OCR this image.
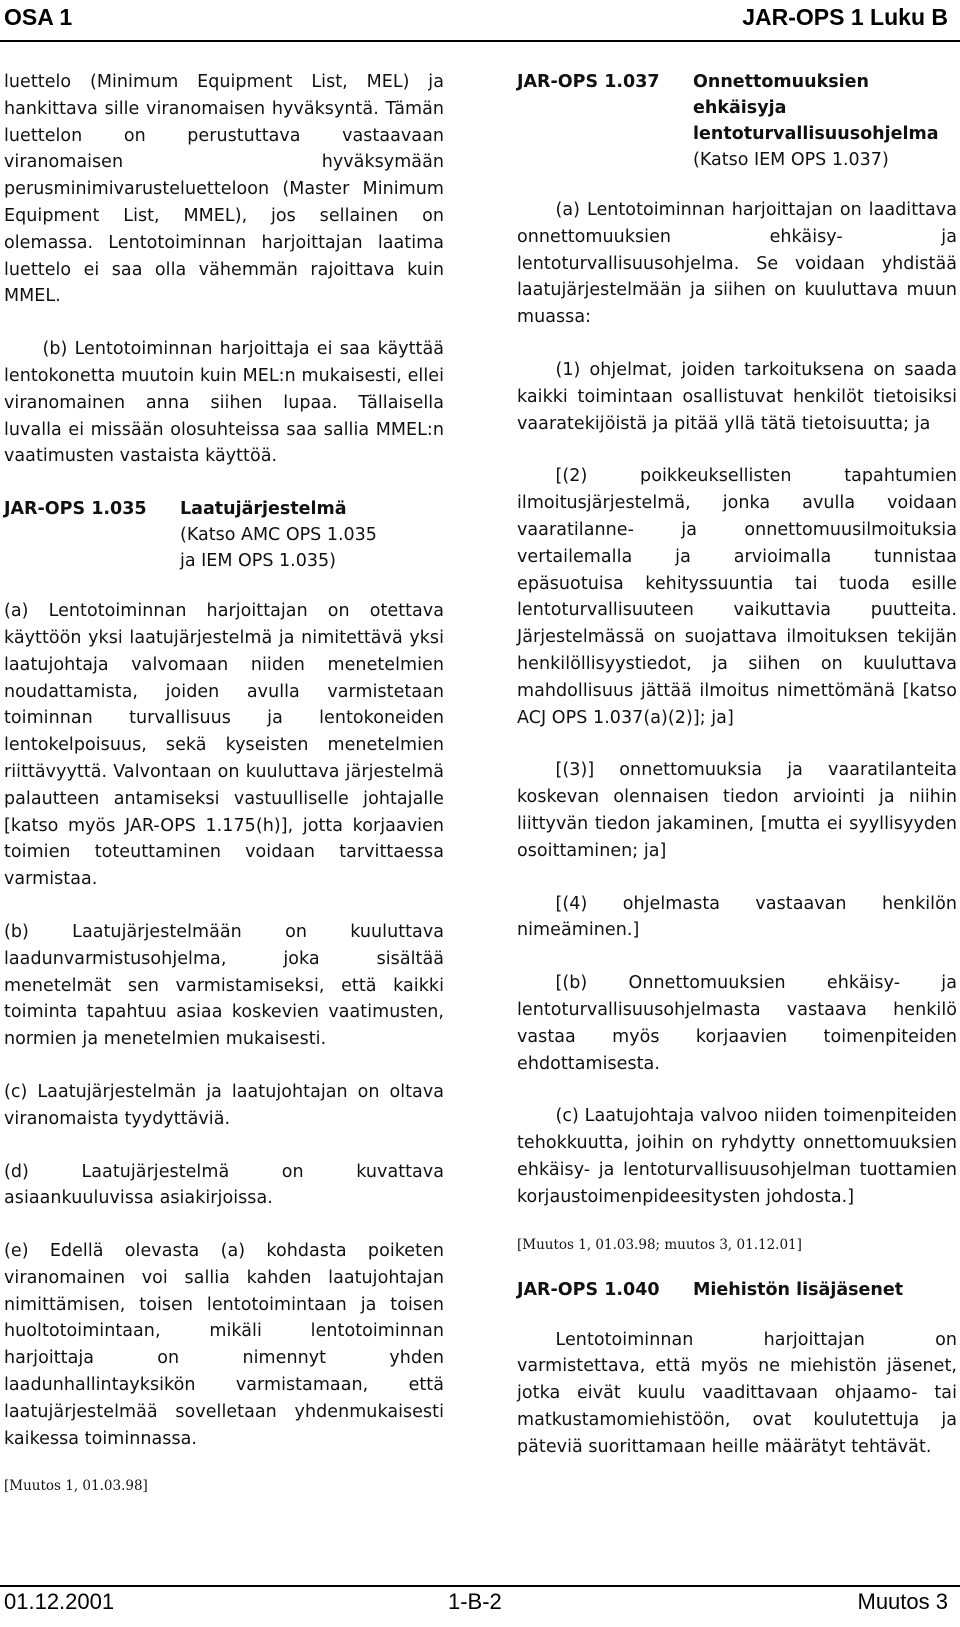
OSA 1	JAR-OPS 1 Luku B

luettelo (Minimum Equipment List, MEL) ja hankittava sille viranomaisen hyväksyntä. Tämän luettelon on perustuttava vastaavaan viranomaisen hyväksymään perusminimivarusteluetteloon (Master Minimum Equipment List, MMEL), jos sellainen on olemassa. Lentotoiminnan harjoittajan laatima luettelo ei saa olla vähemmän rajoittava kuin MMEL.

(b) Lentotoiminnan harjoittaja ei saa käyttää lentokonetta muutoin kuin MEL:n mukaisesti, ellei viranomainen anna siihen lupaa. Tällaisella luvalla ei missään olosuhteissa saa sallia MMEL:n vaatimusten vastaista käyttöä.

JAR-OPS 1.035	Laatujärjestelmä
(Katso AMC OPS 1.035
ja IEM OPS 1.035)

(a) Lentotoiminnan harjoittajan on otettava käyttöön yksi laatujärjestelmä ja nimitettävä yksi laatujohtaja valvomaan niiden menetelmien noudattamista, joiden avulla varmistetaan toiminnan turvallisuus ja lentokoneiden lentokelpoisuus, sekä kyseisten menetelmien riittävyyttä. Valvontaan on kuuluttava järjestelmä palautteen antamiseksi vastuulliselle johtajalle [katso myös JAR-OPS 1.175(h)], jotta korjaavien toimien toteuttaminen voidaan tarvittaessa varmistaa.

(b) Laatujärjestelmään on kuuluttava laadunvarmistusohjelma, joka sisältää menetelmät sen varmistamiseksi, että kaikki toiminta tapahtuu asiaa koskevien vaatimusten, normien ja menetelmien mukaisesti.

(c) Laatujärjestelmän ja laatujohtajan on oltava viranomaista tyydyttäviä.

(d) Laatujärjestelmä on kuvattava asiaankuuluvissa asiakirjoissa.

(e) Edellä olevasta (a) kohdasta poiketen viranomainen voi sallia kahden laatujohtajan nimittämisen, toisen lentotoimintaan ja toisen huoltotoimintaan, mikäli lentotoiminnan harjoittaja on nimennyt yhden laadunhallintayksikön varmistamaan, että laatujärjestelmää sovelletaan yhdenmukaisesti kaikessa toiminnassa.

[Muutos 1, 01.03.98]
JAR-OPS 1.037	Onnettomuuksien ehkäisyja lentoturvallisuusohjelma
(Katso IEM OPS 1.037)

(a) Lentotoiminnan harjoittajan on laadittava onnettomuuksien ehkäisy- ja lentoturvallisuusohjelma. Se voidaan yhdistää laatujärjestelmään ja siihen on kuuluttava muun muassa:

(1) ohjelmat, joiden tarkoituksena on saada kaikki toimintaan osallistuvat henkilöt tietoisiksi vaaratekijöistä ja pitää yllä tätä tietoisuutta; ja

[(2) poikkeuksellisten tapahtumien ilmoitusjärjestelmä, jonka avulla voidaan vaaratilanne- ja onnettomuusilmoituksia vertailemalla ja arvioimalla tunnistaa epäsuotuisa kehityssuuntia tai tuoda esille lentoturvallisuuteen vaikuttavia puutteita. Järjestelmässä on suojattava ilmoituksen tekijän henkilöllisyystiedot, ja siihen on kuuluttava mahdollisuus jättää ilmoitus nimettömänä [katso ACJ OPS 1.037(a)(2)]; ja]

[(3)] onnettomuuksia ja vaaratilanteita koskevan olennaisen tiedon arviointi ja niihin liittyvän tiedon jakaminen, [mutta ei syyllisyyden osoittaminen; ja]

[(4) ohjelmasta vastaavan henkilön nimeäminen.]

[(b) Onnettomuuksien ehkäisy- ja lentoturvallisuusohjelmasta vastaava henkilö vastaa myös korjaavien toimenpiteiden ehdottamisesta.

(c) Laatujohtaja valvoo niiden toimenpiteiden tehokkuutta, joihin on ryhdytty onnettomuuksien ehkäisy- ja lentoturvallisuusohjelman tuottamien korjaustoimenpideesitysten johdosta.]

[Muutos 1, 01.03.98; muutos 3, 01.12.01]
JAR-OPS 1.040	Miehistön lisäjäsenet

Lentotoiminnan harjoittajan on varmistettava, että myös ne miehistön jäsenet, jotka eivät kuulu vaadittavaan ohjaamo- tai matkustamomiehistöön, ovat koulutettuja ja päteviä suorittamaan heille määrätyt tehtävät.

01.12.2001	1-B-2	Muutos 3
